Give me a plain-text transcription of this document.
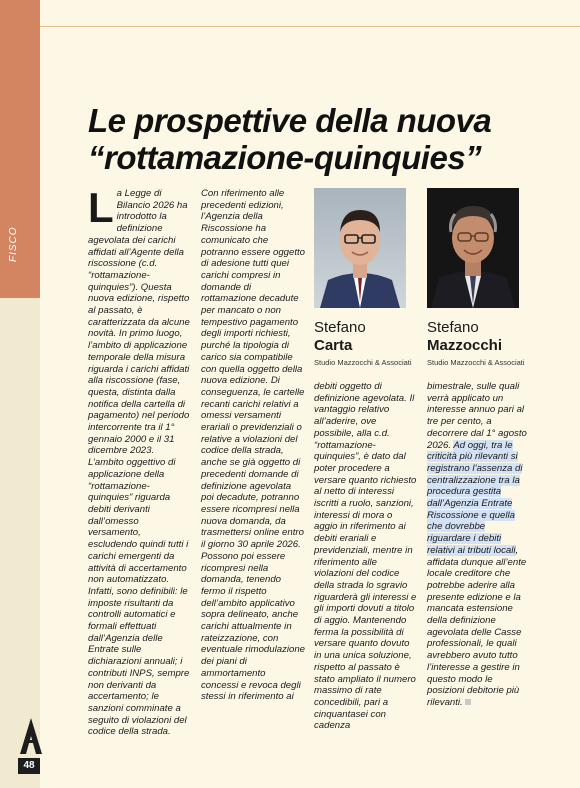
FISCO
48
Le prospettive della nuova
“rottamazione-quinquies”
L a Legge di Bilancio 2026 ha introdotto la definizione agevolata dei carichi affidati all’Agente della riscossione (c.d. “rottamazione-quinquies”). Questa nuova edizione, rispetto al passato, è caratterizzata da alcune novità. In primo luogo, l’ambito di applicazione temporale della misura riguarda i carichi affidati alla riscossione (fase, questa, distinta dalla notifica della cartella di pagamento) nel periodo intercorrente tra il 1° gennaio 2000 e il 31 dicembre 2023. L’ambito oggettivo di applicazione della “rottamazione-quinquies” riguarda debiti derivanti dall’omesso versamento, escludendo quindi tutti i carichi emergenti da attività di accertamento non automatizzato. Infatti, sono definibili: le imposte risultanti da controlli automatici e formali effettuati dall’Agenzia delle Entrate sulle dichiarazioni annuali; i contributi INPS, sempre non derivanti da accertamento; le sanzioni comminate a seguito di violazioni del codice della strada.
Con riferimento alle precedenti edizioni, l’Agenzia della Riscossione ha comunicato che potranno essere oggetto di adesione tutti quei carichi compresi in domande di rottamazione decadute per mancato o non tempestivo pagamento degli importi richiesti, purché la tipologia di carico sia compatibile con quella oggetto della nuova edizione. Di conseguenza, le cartelle recanti carichi relativi a omessi versamenti erariali o previdenziali o relative a violazioni del codice della strada, anche se già oggetto di precedenti domande di definizione agevolata poi decadute, potranno essere ricompresi nella nuova domanda, da trasmettersi online entro il giorno 30 aprile 2026. Possono poi essere ricompresi nella domanda, tenendo fermo il rispetto dell’ambito applicativo sopra delineato, anche carichi attualmente in rateizzazione, con eventuale rimodulazione dei piani di ammortamento concessi e revoca degli stessi in riferimento ai
Stefano
Carta
Studio Mazzocchi & Associati
Stefano
Mazzocchi
Studio Mazzocchi & Associati
debiti oggetto di definizione agevolata. Il vantaggio relativo all’aderire, ove possibile, alla c.d. “rottamazione-quinquies”, è dato dal poter procedere a versare quanto richiesto al netto di interessi iscritti a ruolo, sanzioni, interessi di mora o aggio in riferimento ai debiti erariali e previdenziali, mentre in riferimento alle violazioni del codice della strada lo sgravio riguarderà gli interessi e gli importi dovuti a titolo di aggio. Mantenendo ferma la possibilità di versare quanto dovuto in una unica soluzione, rispetto al passato è stato ampliato il numero massimo di rate concedibili, pari a cinquantasei con cadenza
bimestrale, sulle quali verrà applicato un interesse annuo pari al tre per cento, a decorrere dal 1° agosto 2026. Ad oggi, tra le criticità più rilevanti si registrano l’assenza di centralizzazione tra la procedura gestita dall’Agenzia Entrate Riscossione e quella che dovrebbe riguardare i debiti relativi ai tributi locali, affidata dunque all’ente locale creditore che potrebbe aderire alla presente edizione e la mancata estensione della definizione agevolata delle Casse professionali, le quali avrebbero avuto tutto l’interesse a gestire in questo modo le posizioni debitorie più rilevanti.
